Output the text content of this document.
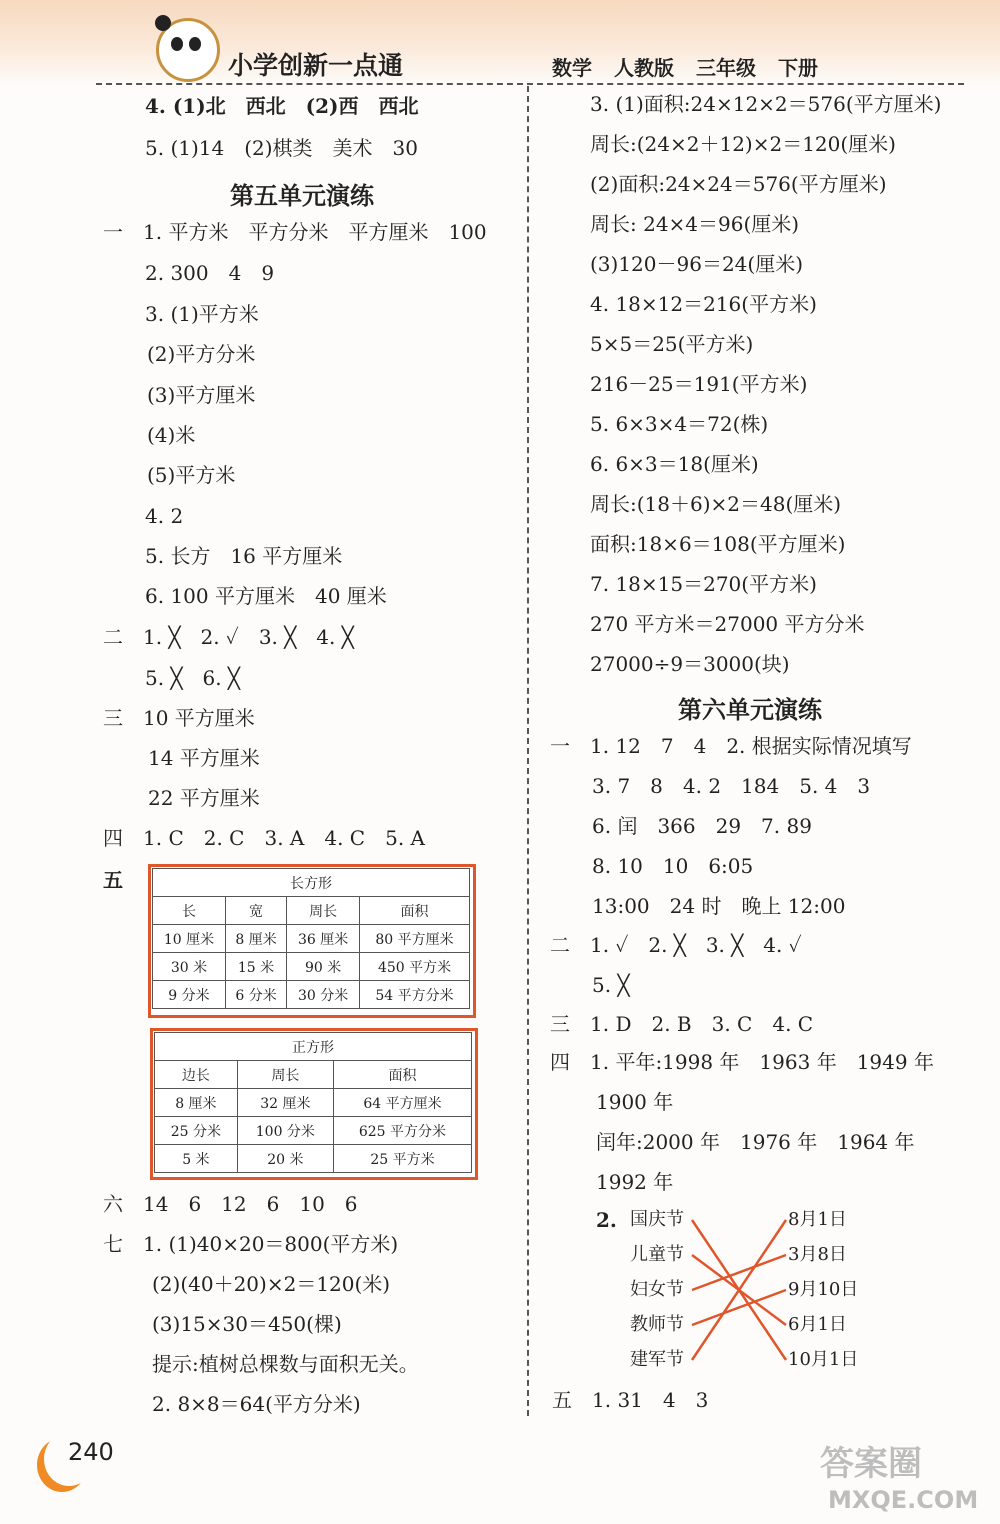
小学创新一点通	数学 人教版 三年级 下册
4. (1)北　西北　(2)西　西北
5. (1)14　(2)棋类　美术　30
第五单元演练
一　1. 平方米　平方分米　平方厘米　100
2. 300　4　9
3. (1)平方米
(2)平方分米
(3)平方厘米
(4)米
(5)平方米
4. 2
5. 长方　16 平方厘米
6. 100 平方厘米　40 厘米
二　1. ╳　2. ✓　3. ╳　4. ╳
5. ╳　6. ╳
三　10 平方厘米
14 平方厘米
22 平方厘米
四　1. C　2. C　3. A　4. C　5. A
五	长方形			
长	宽	周长	面积
10 厘米	8 厘米	36 厘米	80 平方厘米
30 米	15 米	90 米	450 平方米
9 分米	6 分米	30 分米	54 平方分米
正方形		
边长	周长	面积
8 厘米	32 厘米	64 平方厘米
25 分米	100 分米	625 平方分米
5 米	20 米	25 平方米
六　14　6　12　6　10　6
七　1. (1)40×20＝800(平方米)
(2)(40＋20)×2＝120(米)
(3)15×30＝450(棵)
提示:植树总棵数与面积无关。
2. 8×8＝64(平方分米)
3. (1)面积:24×12×2＝576(平方厘米)
周长:(24×2＋12)×2＝120(厘米)
(2)面积:24×24＝576(平方厘米)
周长: 24×4＝96(厘米)
(3)120－96＝24(厘米)
4. 18×12＝216(平方米)
5×5＝25(平方米)
216－25＝191(平方米)
5. 6×3×4＝72(株)
6. 6×3＝18(厘米)
周长:(18＋6)×2＝48(厘米)
面积:18×6＝108(平方厘米)
7. 18×15＝270(平方米)
270 平方米＝27000 平方分米
27000÷9＝3000(块)
第六单元演练
一　1. 12　7　4　2. 根据实际情况填写
3. 7　8　4. 2　184　5. 4　3
6. 闰　366　29　7. 89
8. 10　10　6:05
13:00　24 时　晚上 12:00
二　1. ✓　2. ╳　3. ╳　4. ✓
5. ╳
三　1. D　2. B　3. C　4. C
四　1. 平年:1998 年　1963 年　1949 年
1900 年
闰年:2000 年　1976 年　1964 年
1992 年
2. 国庆节
儿童节
妇女节
教师节
建军节
8月1日
3月8日
9月10日
6月1日
10月1日
五　1. 31　4　3
240	答案圈
MXQE.COM
